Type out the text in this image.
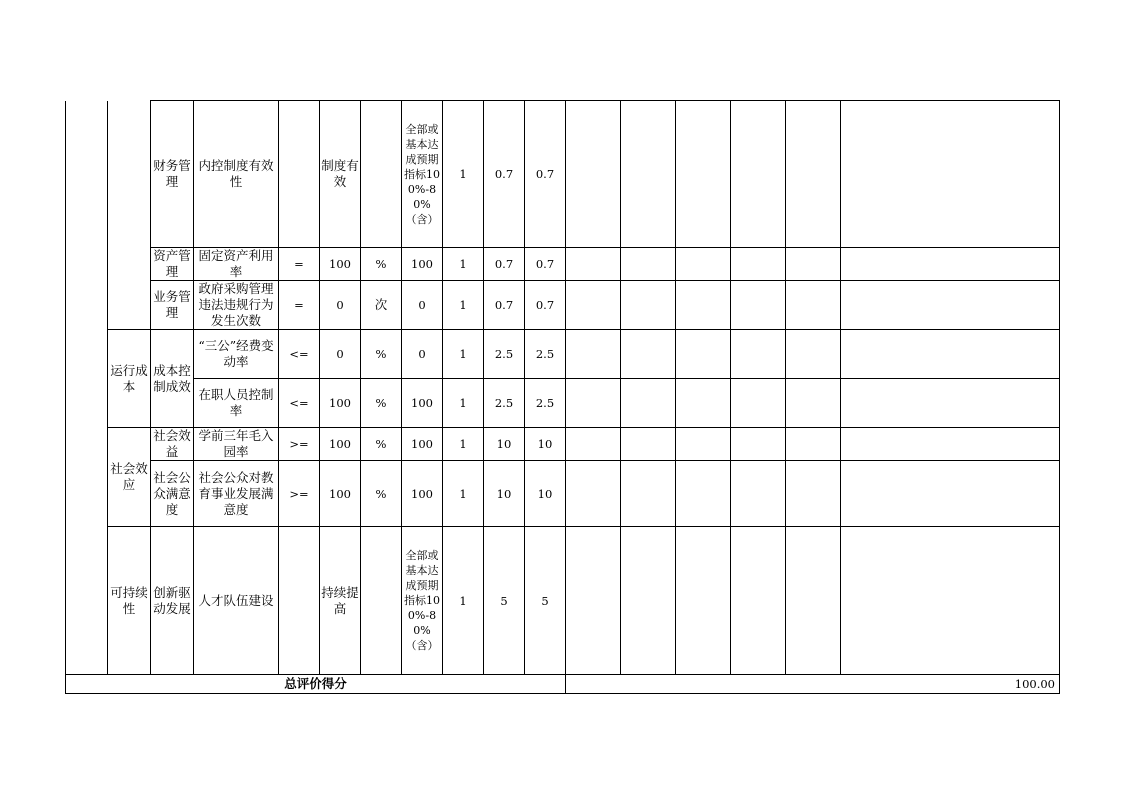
		财务管理	内控制度有效性		制度有效		全部或基本达成预期指标100%-80%（含）	1	0.7	0.7						
		资产管理	固定资产利用率	=	100	%	100	1	0.7	0.7						
		业务管理	政府采购管理违法违规行为发生次数	=	0	次	0	1	0.7	0.7						
	运行成本	成本控制成效	“三公”经费变动率	<=	0	%	0	1	2.5	2.5						
			在职人员控制率	<=	100	%	100	1	2.5	2.5						
	社会效应	社会效益	学前三年毛入园率	>=	100	%	100	1	10	10						
		社会公众满意度	社会公众对教育事业发展满意度	>=	100	%	100	1	10	10						
	可持续性	创新驱动发展	人才队伍建设		持续提高		全部或基本达成预期指标100%-80%（含）	1	5	5						
总评价得分											100.00					
